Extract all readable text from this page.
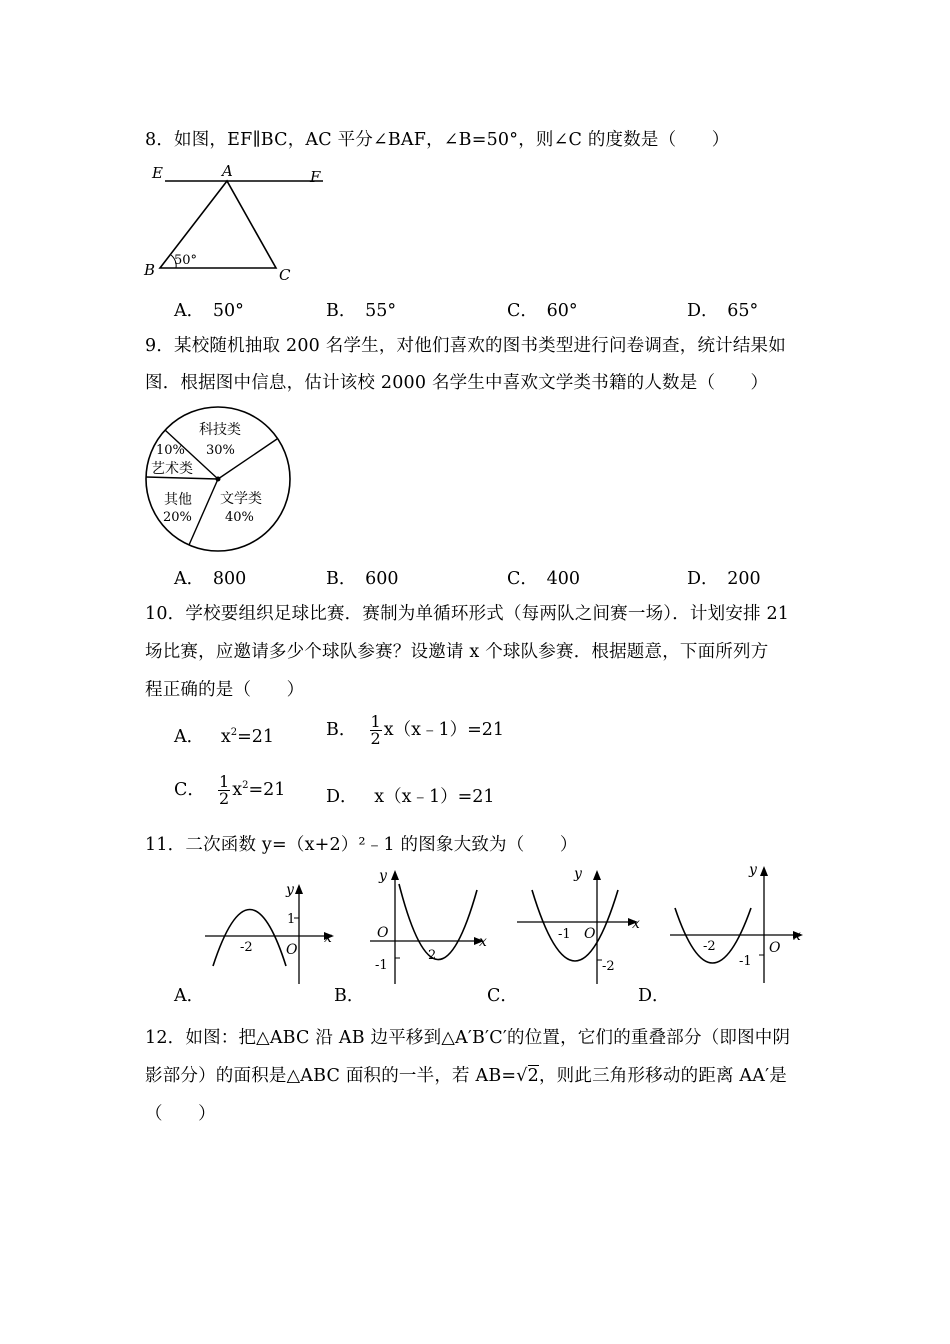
8．如图，EF∥BC，AC 平分∠BAF，∠B=50°，则∠C 的度数是（　　）
E	A	F
B	C
50°
A．　50°	B．　55°	C．　60°	D．　65°
9．某校随机抽取 200 名学生，对他们喜欢的图书类型进行问卷调查，统计结果如
图．根据图中信息，估计该校 2000 名学生中喜欢文学类书籍的人数是（　　）
科技类
30%
文学类
40%
其他
20%
艺术类
10%
A．　800	B．　600	C．　400	D．　200
10．学校要组织足球比赛．赛制为单循环形式（每两队之间赛一场）．计划安排 21
场比赛，应邀请多少个球队参赛？设邀请 x 个球队参赛．根据题意，下面所列方
程正确的是（　　）
A． $x^2=21$	B． $\frac{1}{2}$ x（x﹣1）=21
C． $\frac{1}{2} x^2=21$ D． x（x﹣1）=21
11．二次函数 y=（x+2）²﹣1 的图象大致为（　　）
y
x
O
1
-2
y
x
O
-1
2
y
x
O
-1
-2
y
x
O
-2
-1
A．	B．	C．	D．
12．如图：把△ABC 沿 AB 边平移到△A′B′C′的位置，它们的重叠部分（即图中阴
影部分）的面积是△ABC 面积的一半，若 AB=√2，则此三角形移动的距离 AA′是
（　　）
